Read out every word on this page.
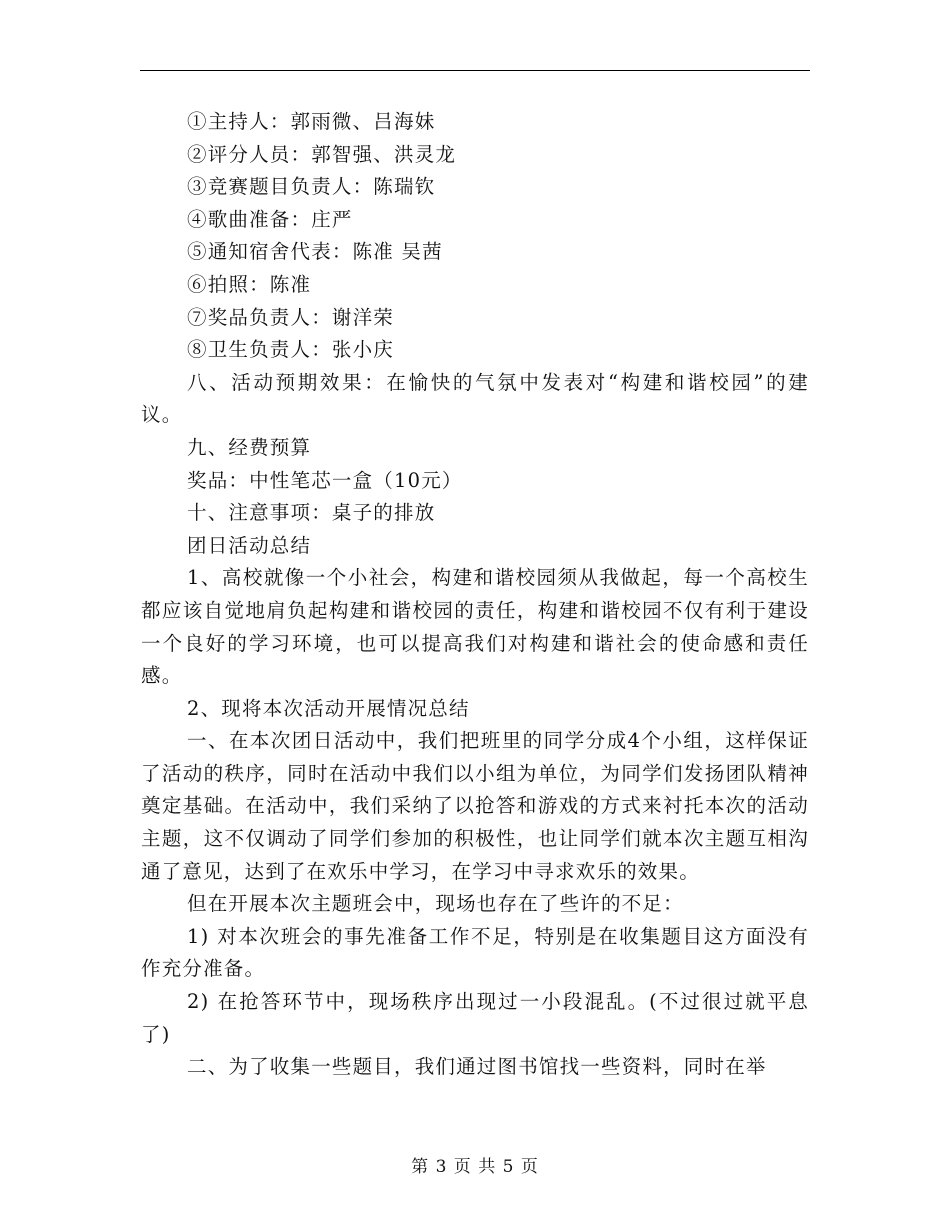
①主持人：郭雨微、吕海妹

②评分人员：郭智强、洪灵龙

③竞赛题目负责人：陈瑞钦

④歌曲准备：庄严

⑤通知宿舍代表：陈准 吴茜

⑥拍照：陈准

⑦奖品负责人：谢洋荣

⑧卫生负责人：张小庆

八、活动预期效果：在愉快的气氛中发表对“构建和谐校园”的建议。

九、经费预算

奖品：中性笔芯一盒（10元）

十、注意事项：桌子的排放

团日活动总结

1、高校就像一个小社会，构建和谐校园须从我做起，每一个高校生都应该自觉地肩负起构建和谐校园的责任，构建和谐校园不仅有利于建设一个良好的学习环境，也可以提高我们对构建和谐社会的使命感和责任感。

2、现将本次活动开展情况总结

一、在本次团日活动中，我们把班里的同学分成4个小组，这样保证了活动的秩序，同时在活动中我们以小组为单位，为同学们发扬团队精神奠定基础。在活动中，我们采纳了以抢答和游戏的方式来衬托本次的活动主题，这不仅调动了同学们参加的积极性，也让同学们就本次主题互相沟通了意见，达到了在欢乐中学习，在学习中寻求欢乐的效果。

但在开展本次主题班会中，现场也存在了些许的不足：

1) 对本次班会的事先准备工作不足，特别是在收集题目这方面没有作充分准备。

2) 在抢答环节中，现场秩序出现过一小段混乱。(不过很过就平息了)

二、为了收集一些题目，我们通过图书馆找一些资料，同时在举

第 3 页 共 5 页
